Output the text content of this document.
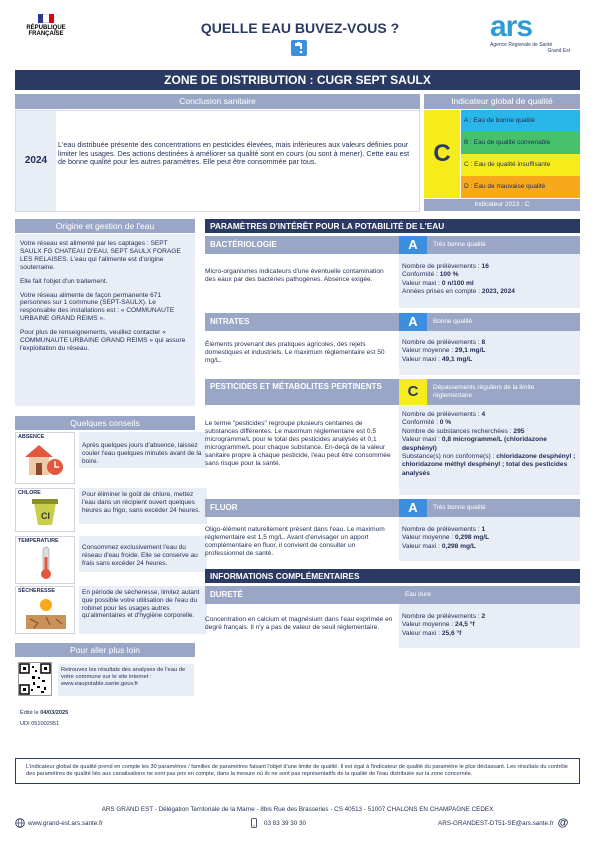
RÉPUBLIQUE
FRANÇAISE	QUELLE EAU BUVEZ-VOUS ?	ars
Agence Régionale de Santé
Grand Est
ZONE DE DISTRIBUTION : CUGR SEPT SAULX
Conclusion sanitaire	Indicateur global de qualité
2024
L'eau distribuée présente des concentrations en pesticides élevées, mais inférieures aux valeurs définies pour limiter les usages. Des actions destinées à améliorer sa qualité sont en cours (ou sont à mener). Cette eau est de bonne qualité pour les autres paramètres. Elle peut être consommée par tous.	C
A : Eau de bonne qualité
B : Eau de qualité convenable
C : Eau de qualité insuffisante
D : Eau de mauvaise qualité
Indicateur 2023 : C
Origine et gestion de l'eau

Votre réseau est alimenté par les captages : SEPT SAULX FG CHATEAU D'EAU, SEPT SAULX FORAGE LES RELAISES. L'eau qui l'alimente est d'origine souterraine.

Elle fait l'objet d'un traitement.

Votre réseau alimente de façon permanente 671 personnes sur 1 commune (SEPT-SAULX). Le responsable des installations est : « COMMUNAUTE URBAINE GRAND REIMS ».

Pour plus de renseignements, veuillez contacter « COMMUNAUTE URBAINE GRAND REIMS » qui assure l'exploitation du réseau.

Quelques conseils
ABSENCE
Après quelques jours d'absence, laissez couler l'eau quelques minutes avant de la boire.
CHLORE
Cl
Pour éliminer le goût de chlore, mettez l'eau dans un récipient ouvert quelques heures au frigo, sans excéder 24 heures.
TEMPERATURE
Consommez exclusivement l'eau du réseau d'eau froide. Elle se conserve au frais sans excéder 24 heures.
SÉCHERESSE	En période de sécheresse, limitez autant que possible votre utilisation de l'eau du robinet pour les usages autres qu'alimentaires et d'hygiène corporelle.
Pour aller plus loin
Retrouvez les résultats des analyses de l'eau de votre commune sur le site internet : www.eaupotable.sante.gouv.fr
Édité le 04/03/2025
UDI 051002951
PARAMÈTRES D'INTÉRÊT POUR LA POTABILITÉ DE L'EAU
BACTÉRIOLOGIE	A	Très bonne qualité
Micro-organismes indicateurs d'une éventuelle contamination des eaux par des bactéries pathogènes. Absence exigée.
Nombre de prélèvements : 16
Conformité : 100 %
Valeur maxi : 0 n/100 ml
Années prises en compte : 2023, 2024
NITRATES	A	Bonne qualité
Éléments provenant des pratiques agricoles, des rejets domestiques et industriels. Le maximum réglementaire est 50 mg/L.
Nombre de prélèvements : 8
Valeur moyenne : 29,1 mg/L
Valeur maxi : 49,1 mg/L
PESTICIDES ET MÉTABOLITES PERTINENTS	C	Dépassements réguliers de la limite réglementaire
Le terme "pesticides" regroupe plusieurs centaines de substances différentes. Le maximum réglementaire est 0,5 microgramme/L pour le total des pesticides analysés et 0,1 microgramme/L pour chaque substance. En-deçà de la valeur sanitaire propre à chaque pesticide, l'eau peut être consommée sans risque pour la santé.
Nombre de prélèvements : 4
Conformité : 0 %
Nombre de substances recherchées : 295
Valeur maxi : 0,8 microgramme/L (chloridazone desphényl)
Substance(s) non conforme(s) : chloridazone desphényl ; chloridazone méthyl desphényl ; total des pesticides analysés
FLUOR	A	Très bonne qualité
Oligo-élément naturellement présent dans l'eau. Le maximum réglementaire est 1,5 mg/L. Avant d'envisager un apport complémentaire en fluor, il convient de consulter un professionnel de santé.
Nombre de prélèvements : 1
Valeur moyenne : 0,298 mg/L
Valeur maxi : 0,298 mg/L
INFORMATIONS COMPLÉMENTAIRES
DURETÉ	Eau dure
Concentration en calcium et magnésium dans l'eau exprimée en degré français. Il n'y a pas de valeur de seuil réglementaire.
Nombre de prélèvements : 2
Valeur moyenne : 24,5 °f
Valeur maxi : 25,6 °f
L'indicateur global de qualité prend en compte les 30 paramètres / familles de paramètres faisant l'objet d'une limite de qualité. Il est égal à l'indicateur de qualité du paramètre le plus déclassant. Les résultats du contrôle des paramètres de qualité liés aux canalisations ne sont pas pris en compte, dans la mesure où ils ne sont pas représentatifs de la qualité de l'eau distribuée sur la zone concernée.
ARS GRAND EST - Délégation Territoriale de la Marne - 8bis Rue des Brasseries - CS 40513 - 51007 CHALONS EN CHAMPAGNE CEDEX
www.grand-est.ars.sante.fr	03 83 39 30 30	ARS-GRANDEST-DT51-SE@ars.sante.fr @
